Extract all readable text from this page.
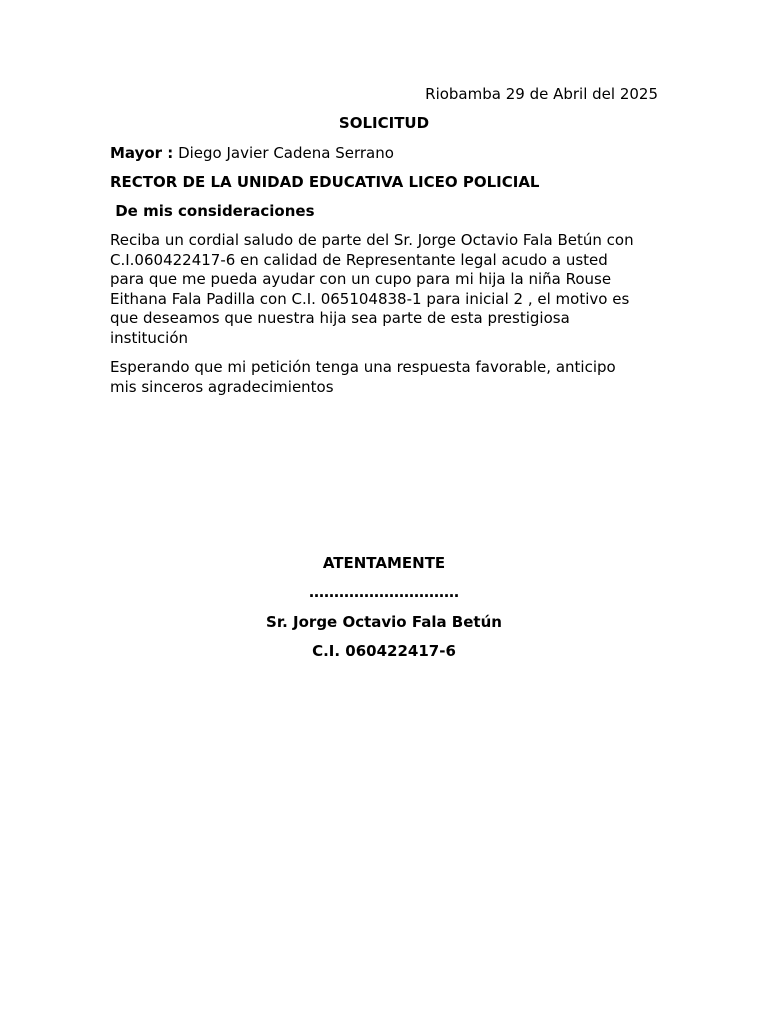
Riobamba 29 de Abril del 2025

SOLICITUD

Mayor : Diego Javier Cadena Serrano

RECTOR DE LA UNIDAD EDUCATIVA LICEO POLICIAL

De mis consideraciones

Reciba un cordial saludo de parte del Sr. Jorge Octavio Fala Betún con
C.I.060422417-6 en calidad de Representante legal acudo a usted
para que me pueda ayudar con un cupo para mi hija la niña Rouse
Eithana Fala Padilla con C.I. 065104838-1 para inicial 2 , el motivo es
que deseamos que nuestra hija sea parte de esta prestigiosa
institución
Esperando que mi petición tenga una respuesta favorable, anticipo
mis sinceros agradecimientos

ATENTAMENTE

…………………………

Sr. Jorge Octavio Fala Betún

C.I. 060422417-6
